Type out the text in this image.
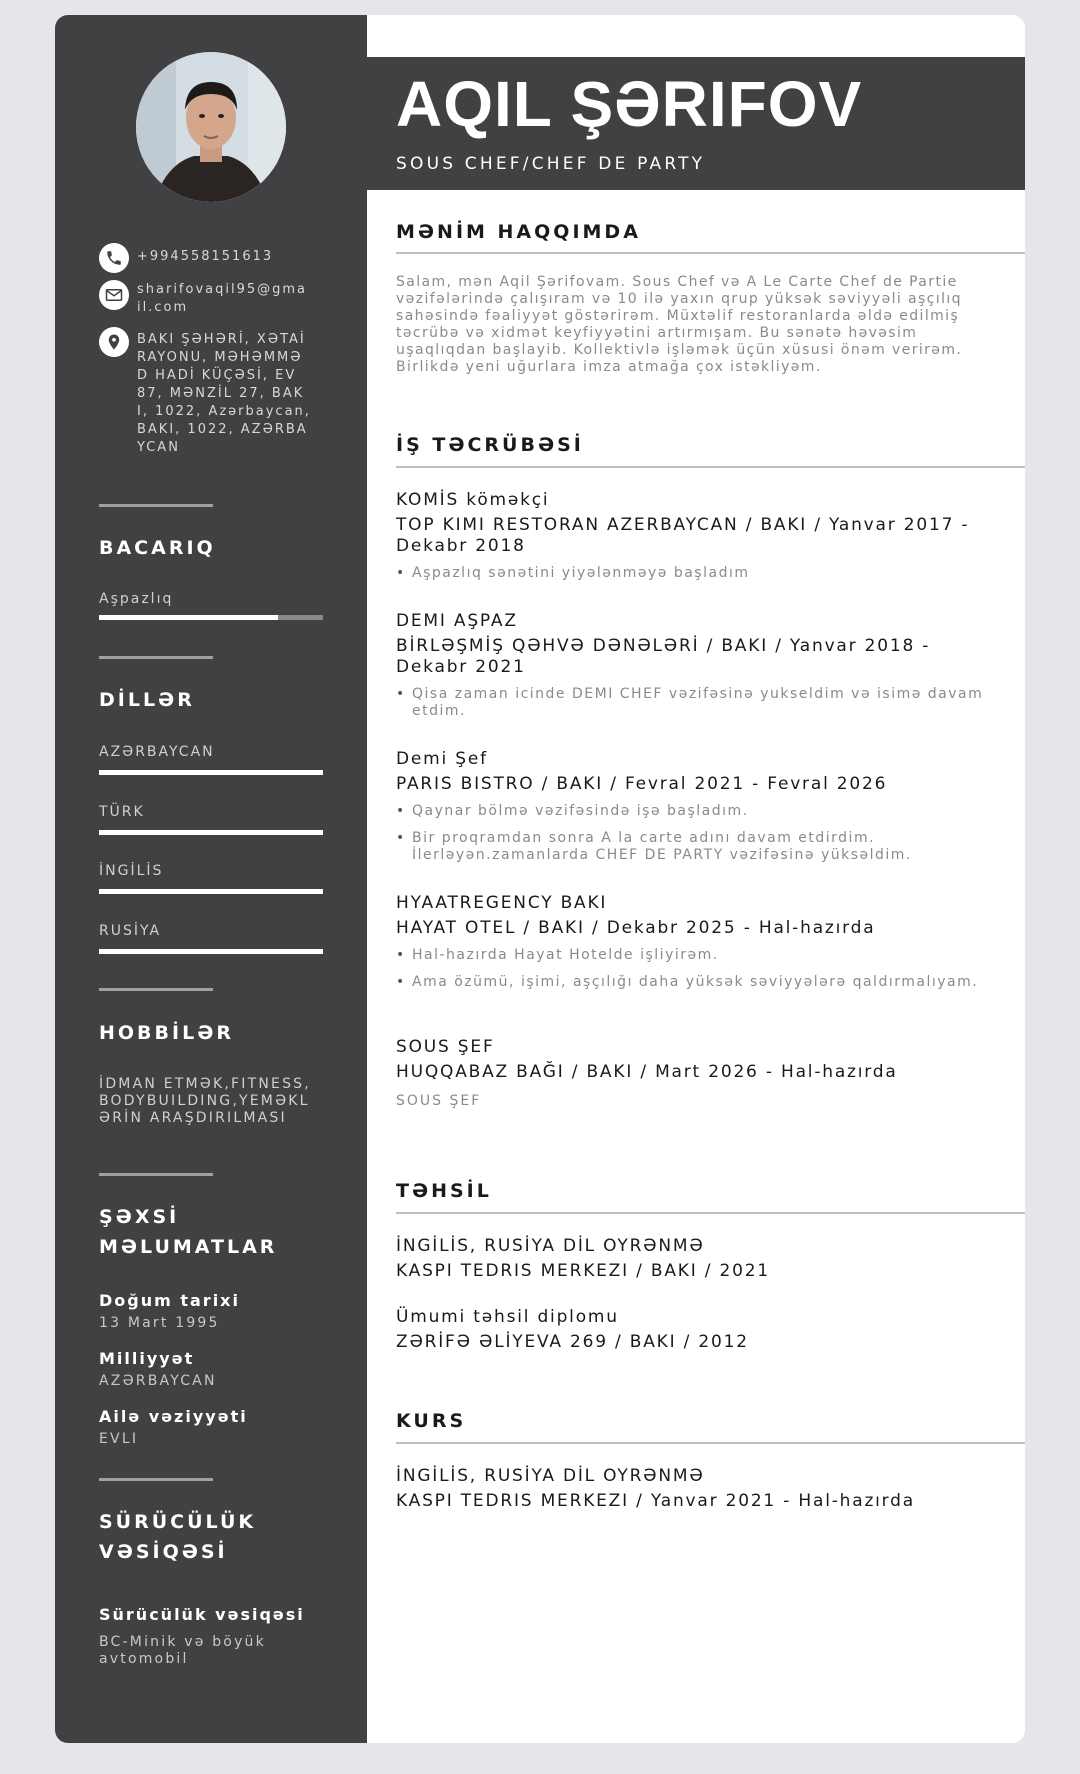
+994558151613
sharifovaqil95@gmail.com
BAKI ŞƏHƏRİ, XƏTAİ RAYONU, MƏHƏMMƏD HADİ KÜÇƏSİ, EV 87, MƏNZİL 27, BAKI, 1022, Azərbaycan, BAKI, 1022, AZƏRBAYCAN
BACARIQ
Aşpazlıq
DİLLƏR
AZƏRBAYCAN
TÜRK
İNGİLİS
RUSİYA
HOBBİLƏR
İDMAN ETMƏK,FITNESS,BODYBUILDING,YEMƏKLƏRİN ARAŞDIRILMASI
ŞƏXSİ MƏLUMATLAR
Doğum tarixi
13 Mart 1995
Milliyyət
AZƏRBAYCAN
Ailə vəziyyəti
EVLI
SÜRÜCÜLÜK VƏSİQƏSİ
Sürücülük vəsiqəsi
BC-Minik və böyük avtomobil
AQIL ŞƏRIFOV
SOUS CHEF/CHEF DE PARTY
MƏNİM HAQQIMDA
Salam, mən Aqil Şərifovam. Sous Chef və A Le Carte Chef de Partie vəzifələrində çalışıram və 10 ilə yaxın qrup yüksək səviyyəli aşçılıq sahəsində fəaliyyət göstərirəm. Müxtəlif restoranlarda əldə edilmiş təcrübə və xidmət keyfiyyətini artırmışam. Bu sənətə həvəsim uşaqlıqdan başlayib. Kollektivlə işləmək üçün xüsusi önəm verirəm. Birlikdə yeni uğurlara imza atmağa çox istəkliyəm.
İŞ TƏCRÜBƏSİ
KOMİS köməkçi
TOP KIMI RESTORAN AZERBAYCAN / BAKI / Yanvar 2017 - Dekabr 2018
• Aşpazlıq sənətini yiyələnməyə başladım
DEMI AŞPAZ
BİRLƏŞMİŞ QƏHVƏ DƏNƏLƏRİ / BAKI / Yanvar 2018 - Dekabr 2021
• Qisa zaman icinde DEMI CHEF vəzifəsinə yukseldim və isimə davam etdim.
Demi Şef
PARIS BISTRO / BAKI / Fevral 2021 - Fevral 2026
• Qaynar bölmə vəzifəsində işə başladım.
• Bir proqramdan sonra A la carte adını davam etdirdim. İlerləyən.zamanlarda CHEF DE PARTY vəzifəsinə yüksəldim.
HYAATREGENCY BAKI
HAYAT OTEL / BAKI / Dekabr 2025 - Hal-hazırda
• Hal-hazırda Hayat Hotelde işliyirəm.
• Ama özümü, işimi, aşçılığı daha yüksək səviyyələrə qaldırmalıyam.
SOUS ŞEF
HUQQABAZ BAĞI / BAKI / Mart 2026 - Hal-hazırda
SOUS ŞEF
TƏHSİL
İNGİLİS, RUSİYA DİL OYRƏNMƏ
KASPI TEDRIS MERKEZI / BAKI / 2021
Ümumi təhsil diplomu
ZƏRİFƏ ƏLİYEVA 269 / BAKI / 2012
KURS
İNGİLİS, RUSİYA DİL OYRƏNMƏ
KASPI TEDRIS MERKEZI / Yanvar 2021 - Hal-hazırda
